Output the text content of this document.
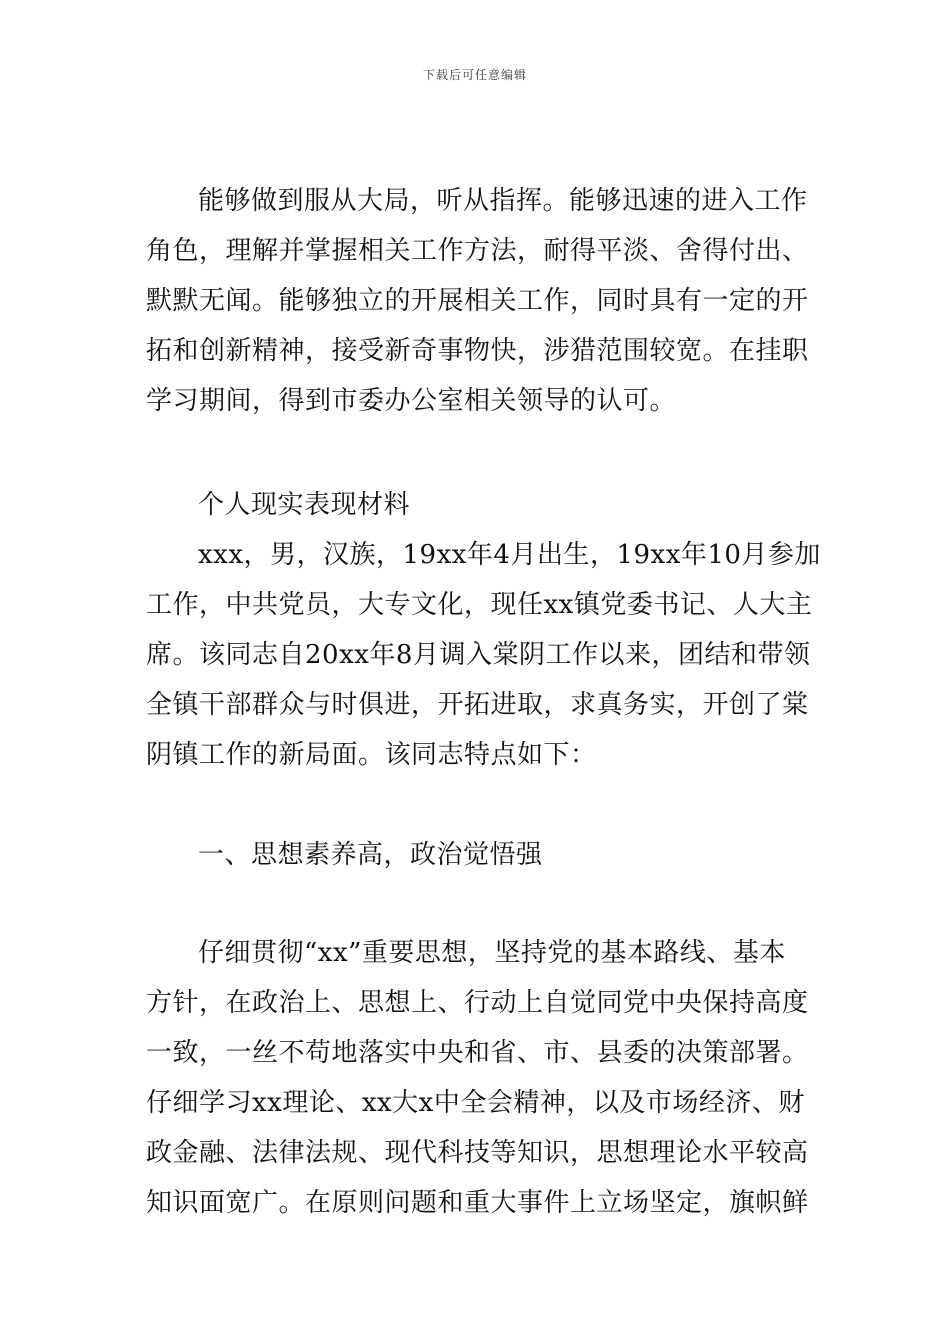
下载后可任意编辑
能够做到服从大局，听从指挥。能够迅速的进入工作
角色，理解并掌握相关工作方法，耐得平淡、舍得付出、
默默无闻。能够独立的开展相关工作，同时具有一定的开
拓和创新精神，接受新奇事物快，涉猎范围较宽。在挂职
学习期间，得到市委办公室相关领导的认可。
个人现实表现材料
xxx，男，汉族，19xx年4月出生，19xx年10月参加
工作，中共党员，大专文化，现任xx镇党委书记、人大主
席。该同志自20xx年8月调入棠阴工作以来，团结和带领
全镇干部群众与时俱进，开拓进取，求真务实，开创了棠
阴镇工作的新局面。该同志特点如下：
一、思想素养高，政治觉悟强
仔细贯彻“xx”重要思想，坚持党的基本路线、基本
方针，在政治上、思想上、行动上自觉同党中央保持高度
一致，一丝不苟地落实中央和省、市、县委的决策部署。
仔细学习xx理论、xx大x中全会精神，以及市场经济、财
政金融、法律法规、现代科技等知识，思想理论水平较高
知识面宽广。在原则问题和重大事件上立场坚定，旗帜鲜
